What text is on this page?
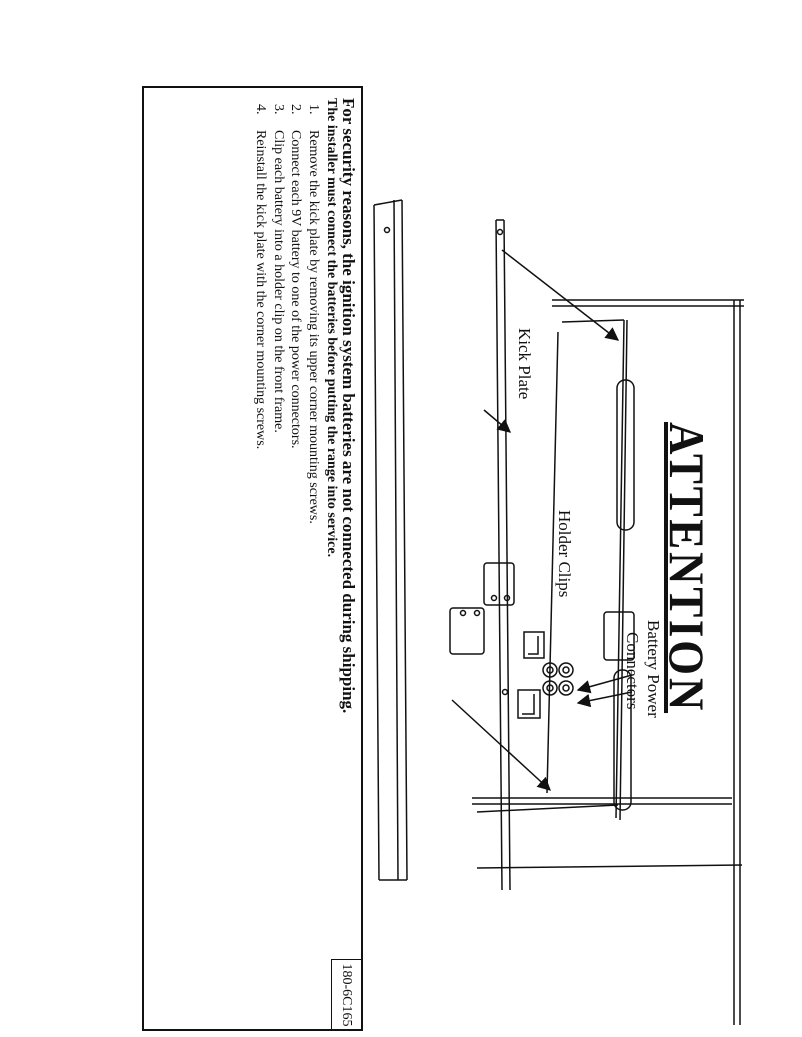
ATTENTION
Battery Power
Connectors
Holder Clips
Kick Plate
180-6C165
For security reasons, the ignition system batteries are not connected during shipping.
The installer must connect the batteries before putting the range into service.
1.Remove the kick plate by removing its upper corner mounting screws.
2.Connect each 9V battery to one of the power connectors.
3.Clip each battery into a holder clip on the front frame.
4.Reinstall the kick plate with the corner mounting screws.
